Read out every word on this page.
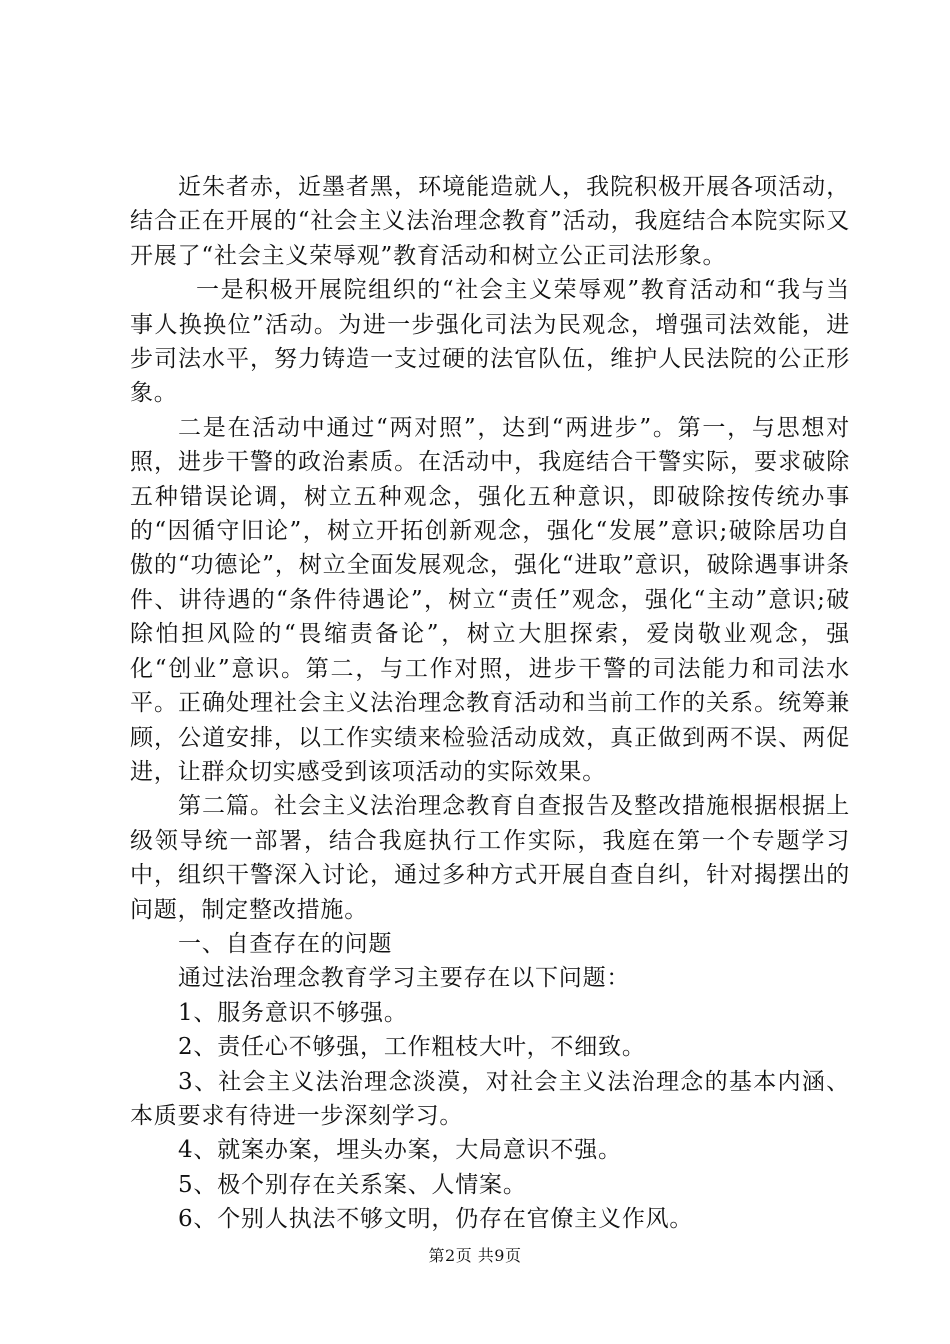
近朱者赤，近墨者黑，环境能造就人，我院积极开展各项活动，结合正在开展的“社会主义法治理念教育”活动，我庭结合本院实际又开展了“社会主义荣辱观”教育活动和树立公正司法形象。

一是积极开展院组织的“社会主义荣辱观”教育活动和“我与当事人换换位”活动。为进一步强化司法为民观念，增强司法效能，进步司法水平，努力铸造一支过硬的法官队伍，维护人民法院的公正形象。

二是在活动中通过“两对照”，达到“两进步”。第一，与思想对照，进步干警的政治素质。在活动中，我庭结合干警实际，要求破除五种错误论调，树立五种观念，强化五种意识，即破除按传统办事的“因循守旧论”，树立开拓创新观念，强化“发展”意识;破除居功自傲的“功德论”，树立全面发展观念，强化“进取”意识，破除遇事讲条件、讲待遇的“条件待遇论”，树立“责任”观念，强化“主动”意识;破除怕担风险的“畏缩责备论”，树立大胆探索，爱岗敬业观念，强化“创业”意识。第二，与工作对照，进步干警的司法能力和司法水平。正确处理社会主义法治理念教育活动和当前工作的关系。统筹兼顾，公道安排，以工作实绩来检验活动成效，真正做到两不误、两促进，让群众切实感受到该项活动的实际效果。

第二篇。社会主义法治理念教育自查报告及整改措施根据根据上级领导统一部署，结合我庭执行工作实际，我庭在第一个专题学习中，组织干警深入讨论，通过多种方式开展自查自纠，针对揭摆出的问题，制定整改措施。

一、自查存在的问题

通过法治理念教育学习主要存在以下问题：

1、服务意识不够强。

2、责任心不够强，工作粗枝大叶，不细致。

3、社会主义法治理念淡漠，对社会主义法治理念的基本内涵、本质要求有待进一步深刻学习。

4、就案办案，埋头办案，大局意识不强。

5、极个别存在关系案、人情案。

6、个别人执法不够文明，仍存在官僚主义作风。

第2页 共9页
